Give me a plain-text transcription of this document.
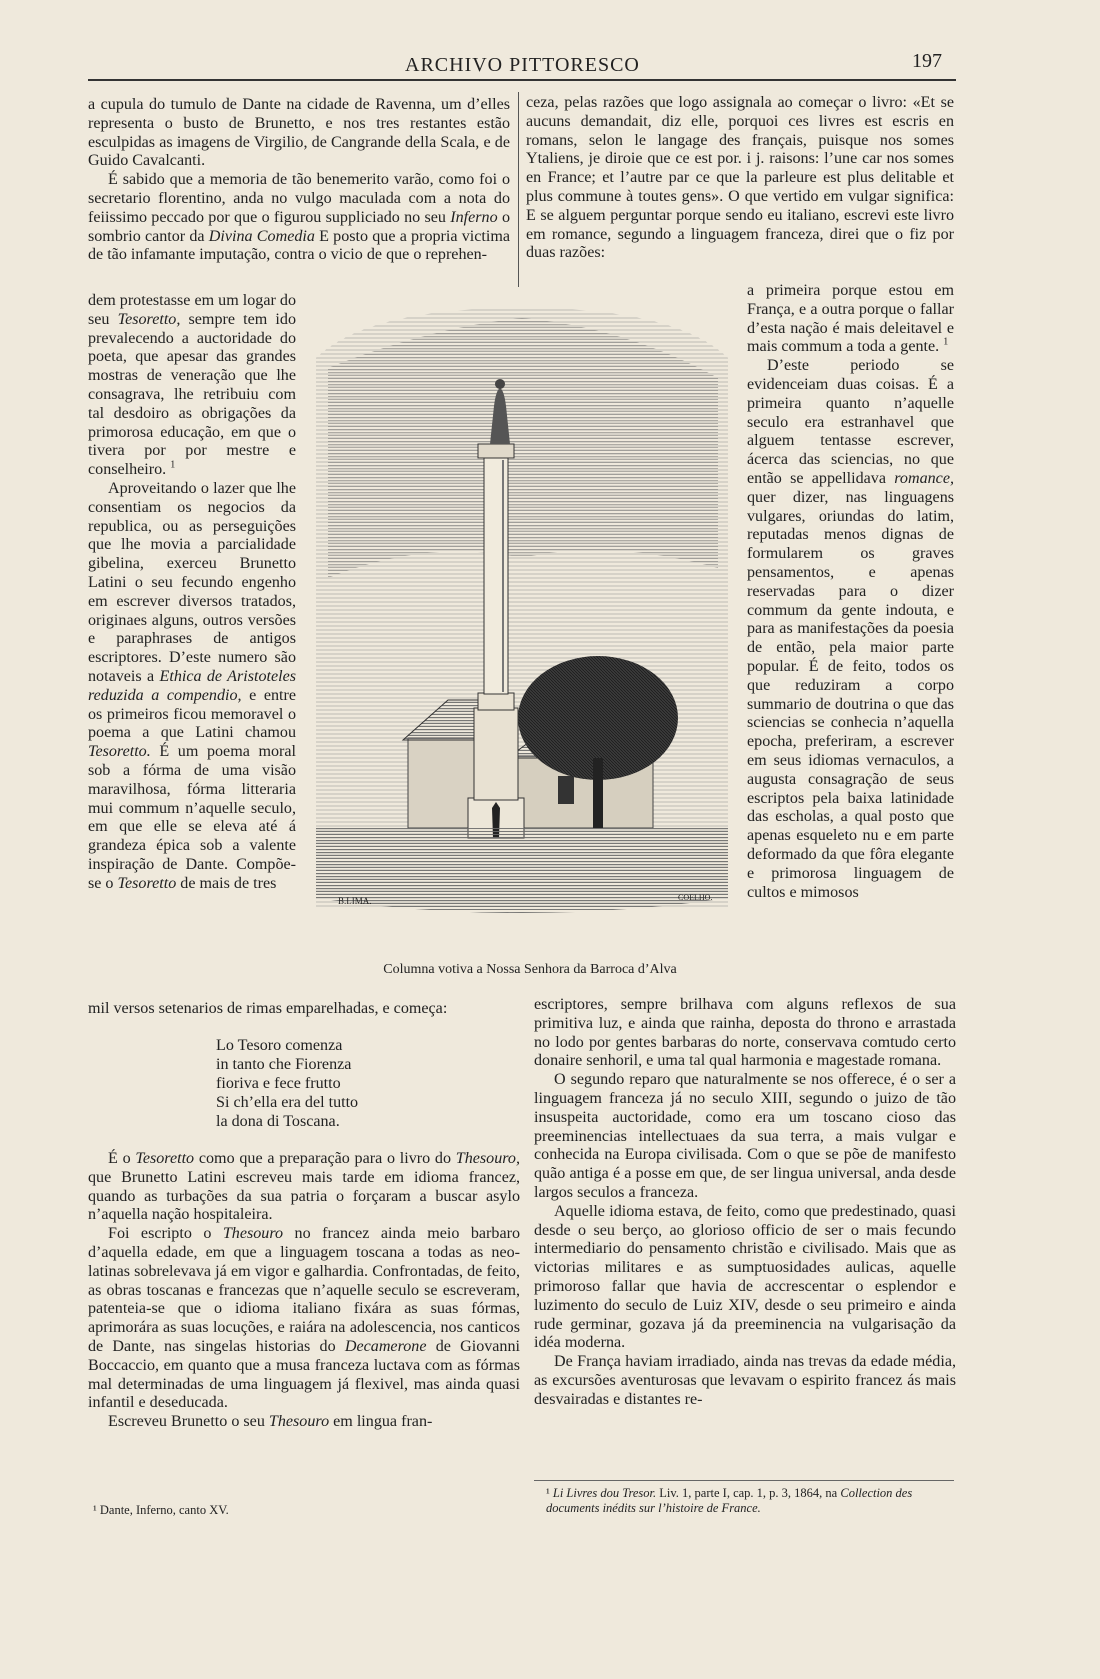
ARCHIVO PITTORESCO	197

a cupula do tumulo de Dante na cidade de Ravenna, um d’elles representa o busto de Brunetto, e nos tres restantes estão esculpidas as imagens de Virgilio, de Cangrande della Scala, e de Guido Cavalcanti.

É sabido que a memoria de tão benemerito varão, como foi o secretario florentino, anda no vulgo maculada com a nota do feiissimo peccado por que o figurou suppliciado no seu Inferno o sombrio cantor da Divina Comedia E posto que a propria victima de tão infamante imputação, contra o vicio de que o reprehen-

ceza, pelas razões que logo assignala ao começar o livro: «Et se aucuns demandait, diz elle, porquoi ces livres est escris en romans, selon le langage des français, puisque nos somes Ytaliens, je diroie que ce est por. i j. raisons: l’une car nos somes en France; et l’autre par ce que la parleure est plus delitable et plus commune à toutes gens». O que vertido em vulgar significa: E se alguem perguntar porque sendo eu italiano, escrevi este livro em romance, segundo a linguagem franceza, direi que o fiz por duas razões:

dem protestasse em um logar do seu Tesoretto, sempre tem ido prevalecendo a auctoridade do poeta, que apesar das grandes mostras de veneração que lhe consagrava, lhe retribuiu com tal desdoiro as obrigações da primorosa educação, em que o tivera por por mestre e conselheiro. $^1$

Aproveitando o lazer que lhe consentiam os negocios da republica, ou as perseguições que lhe movia a parcialidade gibelina, exerceu Brunetto Latini o seu fecundo engenho em escrever diversos tratados, originaes alguns, outros versões e paraphrases de antigos escriptores. D’este numero são notaveis a Ethica de Aristoteles reduzida a compendio, e entre os primeiros ficou memoravel o poema a que Latini chamou Tesoretto. É um poema moral sob a fórma de uma visão maravilhosa, fórma litteraria mui commum n’aquelle seculo, em que elle se eleva até á grandeza épica sob a valente inspiração de Dante. Compõe-se o Tesoretto de mais de tres

a primeira porque estou em França, e a outra porque o fallar d’esta nação é mais deleitavel e mais commum a toda a gente. $^1$

D’este periodo se evidenceiam duas coisas. É a primeira quanto n’aquelle seculo era estranhavel que alguem tentasse escrever, ácerca das sciencias, no que então se appellidava romance, quer dizer, nas linguagens vulgares, oriundas do latim, reputadas menos dignas de formularem os graves pensamentos, e apenas reservadas para o dizer commum da gente indouta, e para as manifestações da poesia de então, pela maior parte popular. É de feito, todos os que reduziram a corpo summario de doutrina o que das sciencias se conhecia n’aquella epocha, preferiram, a escrever em seus idiomas vernaculos, a augusta consagração de seus escriptos pela baixa latinidade das escholas, a qual posto que apenas esqueleto nu e em parte deformado da que fôra elegante e primorosa linguagem de cultos e mimosos

B.LIMA.	COELHO.
Columna votiva a Nossa Senhora da Barroca d’Alva

mil versos setenarios de rimas emparelhadas, e começa:

Lo Tesoro comenza
in tanto che Fiorenza
fioriva e fece frutto
Si ch’ella era del tutto
la dona di Toscana.

É o Tesoretto como que a preparação para o livro do Thesouro, que Brunetto Latini escreveu mais tarde em idioma francez, quando as turbações da sua patria o forçaram a buscar asylo n’aquella nação hospitaleira.

Foi escripto o Thesouro no francez ainda meio barbaro d’aquella edade, em que a linguagem toscana a todas as neo-latinas sobrelevava já em vigor e galhardia. Confrontadas, de feito, as obras toscanas e francezas que n’aquelle seculo se escreveram, patenteia-se que o idioma italiano fixára as suas fórmas, aprimorára as suas locuções, e raiára na adolescencia, nos canticos de Dante, nas singelas historias do Decamerone de Giovanni Boccaccio, em quanto que a musa franceza luctava com as fórmas mal determinadas de uma linguagem já flexivel, mas ainda quasi infantil e deseducada.

Escreveu Brunetto o seu Thesouro em lingua fran-

escriptores, sempre brilhava com alguns reflexos de sua primitiva luz, e ainda que rainha, deposta do throno e arrastada no lodo por gentes barbaras do norte, conservava comtudo certo donaire senhoril, e uma tal qual harmonia e magestade romana.

O segundo reparo que naturalmente se nos offerece, é o ser a linguagem franceza já no seculo XIII, segundo o juizo de tão insuspeita auctoridade, como era um toscano cioso das preeminencias intellectuaes da sua terra, a mais vulgar e conhecida na Europa civilisada. Com o que se põe de manifesto quão antiga é a posse em que, de ser lingua universal, anda desde largos seculos a franceza.

Aquelle idioma estava, de feito, como que predestinado, quasi desde o seu berço, ao glorioso officio de ser o mais fecundo intermediario do pensamento christão e civilisado. Mais que as victorias militares e as sumptuosidades aulicas, aquelle primoroso fallar que havia de accrescentar o esplendor e luzimento do seculo de Luiz XIV, desde o seu primeiro e ainda rude germinar, gozava já da preeminencia na vulgarisação da idéa moderna.

De França haviam irradiado, ainda nas trevas da edade média, as excursões aventurosas que levavam o espirito francez ás mais desvairadas e distantes re-

¹ Dante, Inferno, canto XV.

¹ Li Livres dou Tresor. Liv. 1, parte I, cap. 1, p. 3, 1864, na Collection des documents inédits sur l’histoire de France.
